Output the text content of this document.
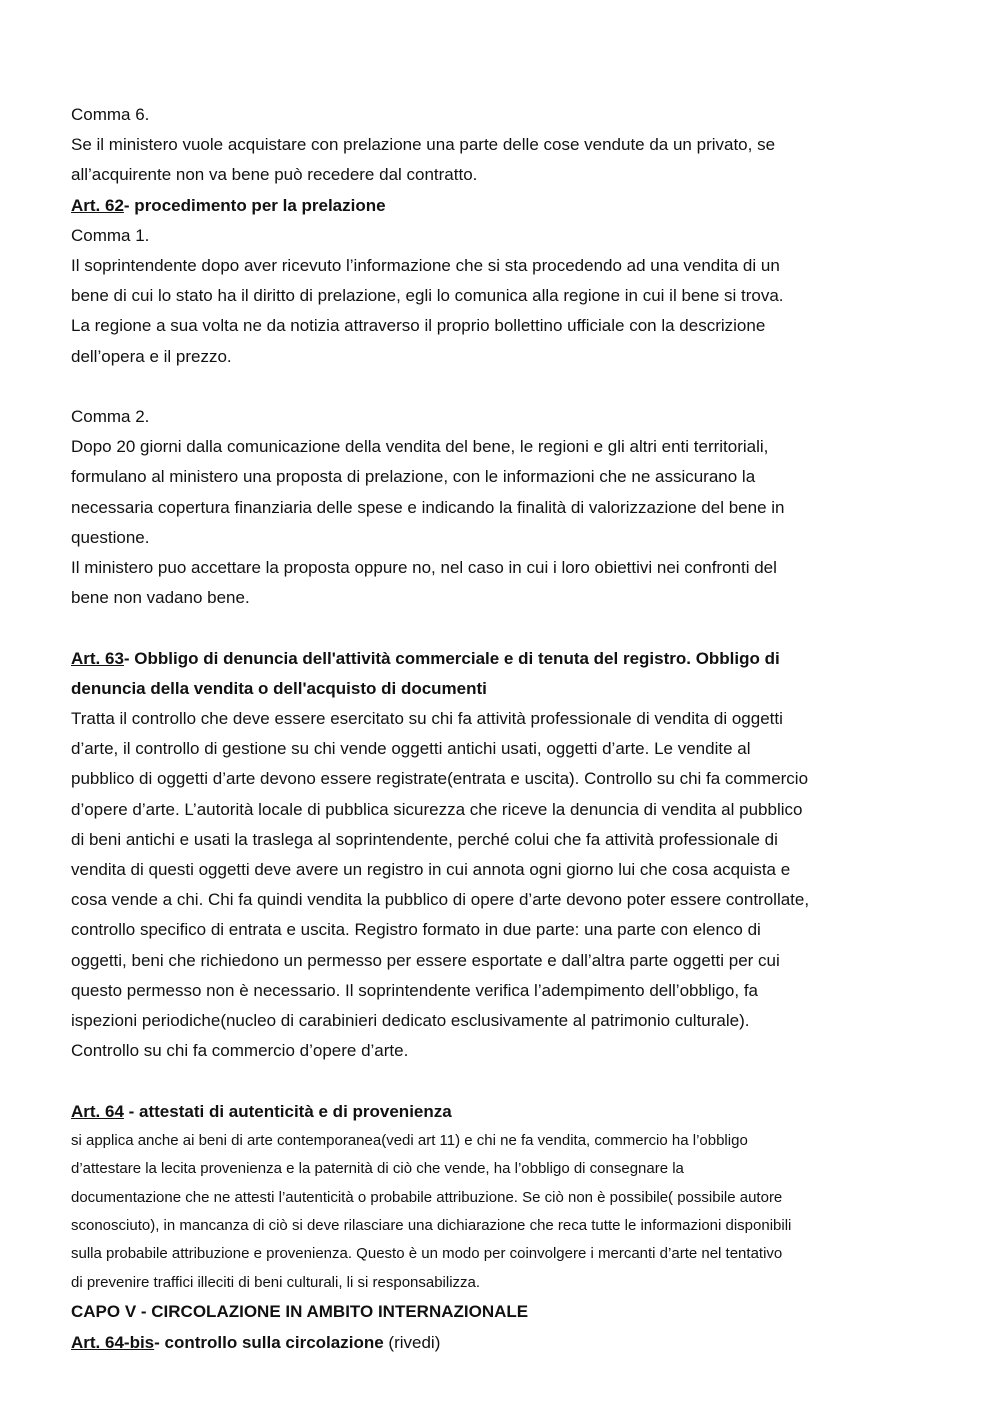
Comma 6.
Se il ministero vuole acquistare con prelazione una parte delle cose vendute da un privato, se
all’acquirente non va bene può recedere dal contratto.
Art. 62- procedimento per la prelazione
Comma 1.
Il soprintendente dopo aver ricevuto l’informazione che si sta procedendo ad una vendita di un
bene di cui lo stato ha il diritto di prelazione, egli lo comunica alla regione in cui il bene si trova.
La regione a sua volta ne da notizia attraverso il proprio bollettino ufficiale con la descrizione
dell’opera e il prezzo.
Comma 2.
Dopo 20 giorni dalla comunicazione della vendita del bene, le regioni e gli altri enti territoriali,
formulano al ministero una proposta di prelazione, con le informazioni che ne assicurano la
necessaria copertura finanziaria delle spese e indicando la finalità di valorizzazione del bene in
questione.
Il ministero puo accettare la proposta oppure no, nel caso in cui i loro obiettivi nei confronti del
bene non vadano bene.
Art. 63- Obbligo di denuncia dell'attività commerciale e di tenuta del registro. Obbligo di
denuncia della vendita o dell'acquisto di documenti
Tratta il controllo che deve essere esercitato su chi fa attività professionale di vendita di oggetti
d’arte, il controllo di gestione su chi vende oggetti antichi usati, oggetti d’arte. Le vendite al
pubblico di oggetti d’arte devono essere registrate(entrata e uscita). Controllo su chi fa commercio
d’opere d’arte. L’autorità locale di pubblica sicurezza che riceve la denuncia di vendita al pubblico
di beni antichi e usati la traslega al soprintendente, perché colui che fa attività professionale di
vendita di questi oggetti deve avere un registro in cui annota ogni giorno lui che cosa acquista e
cosa vende a chi. Chi fa quindi vendita la pubblico di opere d’arte devono poter essere controllate,
controllo specifico di entrata e uscita. Registro formato in due parte: una parte con elenco di
oggetti, beni che richiedono un permesso per essere esportate e dall’altra parte oggetti per cui
questo permesso non è necessario. Il soprintendente verifica l’adempimento dell’obbligo, fa
ispezioni periodiche(nucleo di carabinieri dedicato esclusivamente al patrimonio culturale).
Controllo su chi fa commercio d’opere d’arte.
Art. 64 - attestati di autenticità e di provenienza
si applica anche ai beni di arte contemporanea(vedi art 11) e chi ne fa vendita, commercio ha l’obbligo
d’attestare la lecita provenienza e la paternità di ciò che vende, ha l’obbligo di consegnare la
documentazione che ne attesti l’autenticità o probabile attribuzione. Se ciò non è possibile( possibile autore
sconosciuto), in mancanza di ciò si deve rilasciare una dichiarazione che reca tutte le informazioni disponibili
sulla probabile attribuzione e provenienza. Questo è un modo per coinvolgere i mercanti d’arte nel tentativo
di prevenire traffici illeciti di beni culturali, li si responsabilizza.
CAPO V - CIRCOLAZIONE IN AMBITO INTERNAZIONALE
Art. 64-bis- controllo sulla circolazione (rivedi)
